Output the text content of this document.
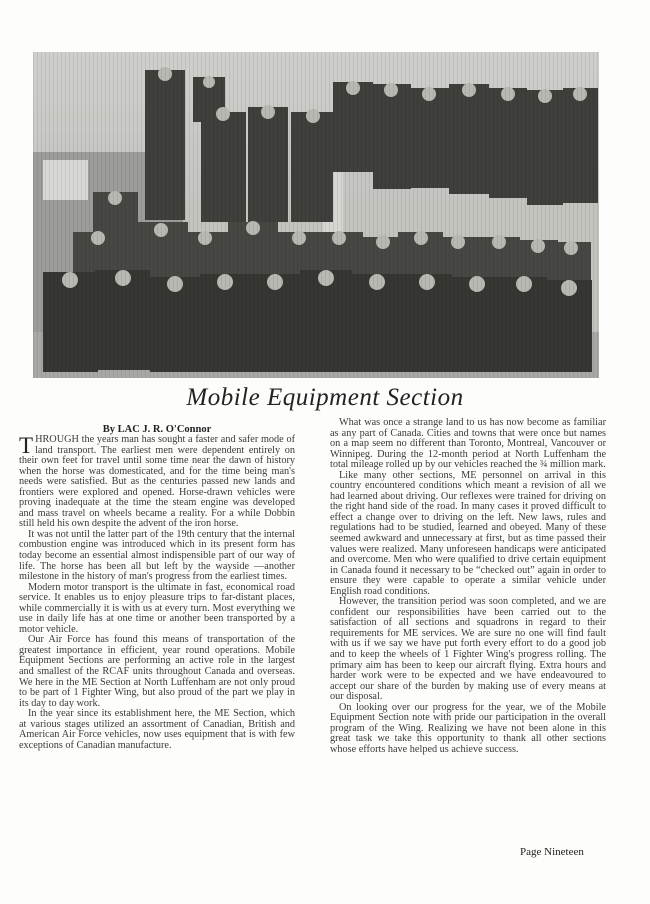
Mobile Equipment Section
By LAC J. R. O'Connor

THROUGH the years man has sought a faster and safer mode of land transport. The earliest men were dependent entirely on their own feet for travel until some time near the dawn of history when the horse was domesticated, and for the time being man's needs were satisfied. But as the centuries passed new lands and frontiers were explored and opened. Horse-drawn vehicles were proving inadequate at the time the steam engine was developed and mass travel on wheels became a reality. For a while Dobbin still held his own despite the advent of the iron horse.

It was not until the latter part of the 19th century that the internal combustion engine was introduced which in its present form has today become an essential almost indispensible part of our way of life. The horse has been all but left by the wayside —another milestone in the history of man's progress from the earliest times.

Modern motor transport is the ultimate in fast, economical road service. It enables us to enjoy pleasure trips to far-distant places, while commercially it is with us at every turn. Most everything we use in daily life has at one time or another been transported by a motor vehicle.

Our Air Force has found this means of transportation of the greatest importance in efficient, year round operations. Mobile Equipment Sections are performing an active role in the largest and smallest of the RCAF units throughout Canada and overseas. We here in the ME Section at North Luffenham are not only proud to be part of 1 Fighter Wing, but also proud of the part we play in its day to day work.

In the year since its establishment here, the ME Section, which at various stages utilized an assortment of Canadian, British and American Air Force vehicles, now uses equipment that is with few exceptions of Canadian manufacture.

What was once a strange land to us has now become as familiar as any part of Canada. Cities and towns that were once but names on a map seem no different than Toronto, Montreal, Vancouver or Winnipeg. During the 12-month period at North Luffenham the total mileage rolled up by our vehicles reached the ¾ million mark.

Like many other sections, ME personnel on arrival in this country encountered conditions which meant a revision of all we had learned about driving. Our reflexes were trained for driving on the right hand side of the road. In many cases it proved difficult to effect a change over to driving on the left. New laws, rules and regulations had to be studied, learned and obeyed. Many of these seemed awkward and unnecessary at first, but as time passed their values were realized. Many unforeseen handicaps were anticipated and overcome. Men who were qualified to drive certain equipment in Canada found it necessary to be “checked out” again in order to ensure they were capable to operate a similar vehicle under English road conditions.

However, the transition period was soon completed, and we are confident our responsibilities have been carried out to the satisfaction of all sections and squadrons in regard to their requirements for ME services. We are sure no one will find fault with us if we say we have put forth every effort to do a good job and to keep the wheels of 1 Fighter Wing's progress rolling. The primary aim has been to keep our aircraft flying. Extra hours and harder work were to be expected and we have endeavoured to accept our share of the burden by making use of every means at our disposal.

On looking over our progress for the year, we of the Mobile Equipment Section note with pride our participation in the overall program of the Wing. Realizing we have not been alone in this great task we take this opportunity to thank all other sections whose efforts have helped us achieve success.

Page Nineteen
